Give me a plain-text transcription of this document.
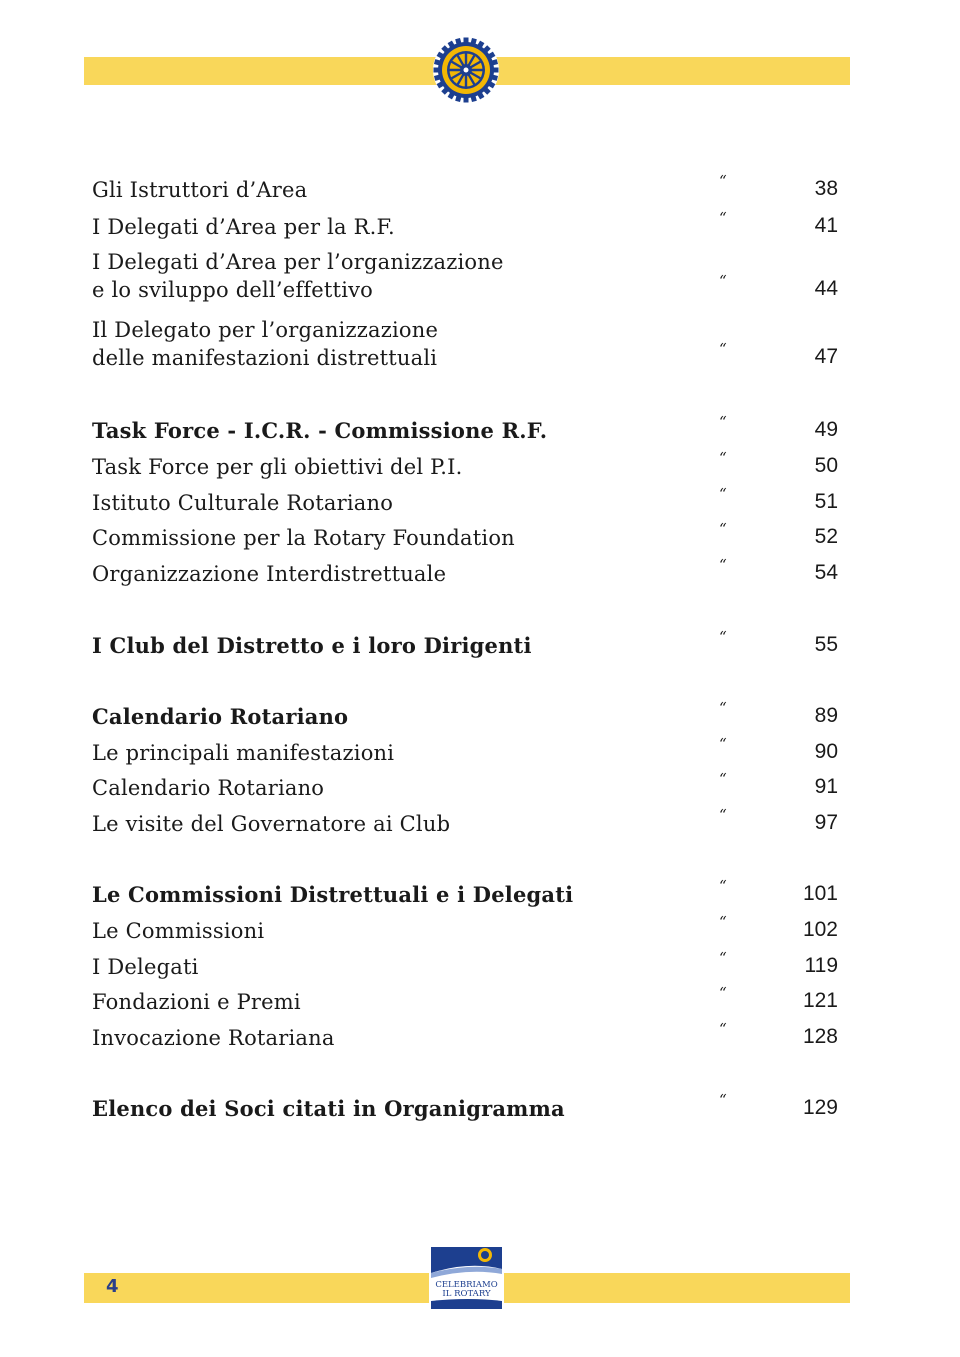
Gli Istruttori d’Area	“	38
I Delegati d’Area per la R.F.	“	41
I Delegati d’Area per l’organizzazione
e lo sviluppo dell’effettivo	“	44
Il Delegato per l’organizzazione
delle manifestazioni distrettuali	“	47
Task Force - I.C.R. - Commissione R.F.	“	49
Task Force per gli obiettivi del P.I.	“	50
Istituto Culturale Rotariano	“	51
Commissione per la Rotary Foundation	“	52
Organizzazione Interdistrettuale	“	54
I Club del Distretto e i loro Dirigenti	“	55
Calendario Rotariano	“	89
Le principali manifestazioni	“	90
Calendario Rotariano	“	91
Le visite del Governatore ai Club	“	97
Le Commissioni Distrettuali e i Delegati	“	101
Le Commissioni	“	102
I Delegati	“	119
Fondazioni e Premi	“	121
Invocazione Rotariana	“	128
Elenco dei Soci citati in Organigramma	“	129
4	CELEBRIAMO
IL ROTARY
